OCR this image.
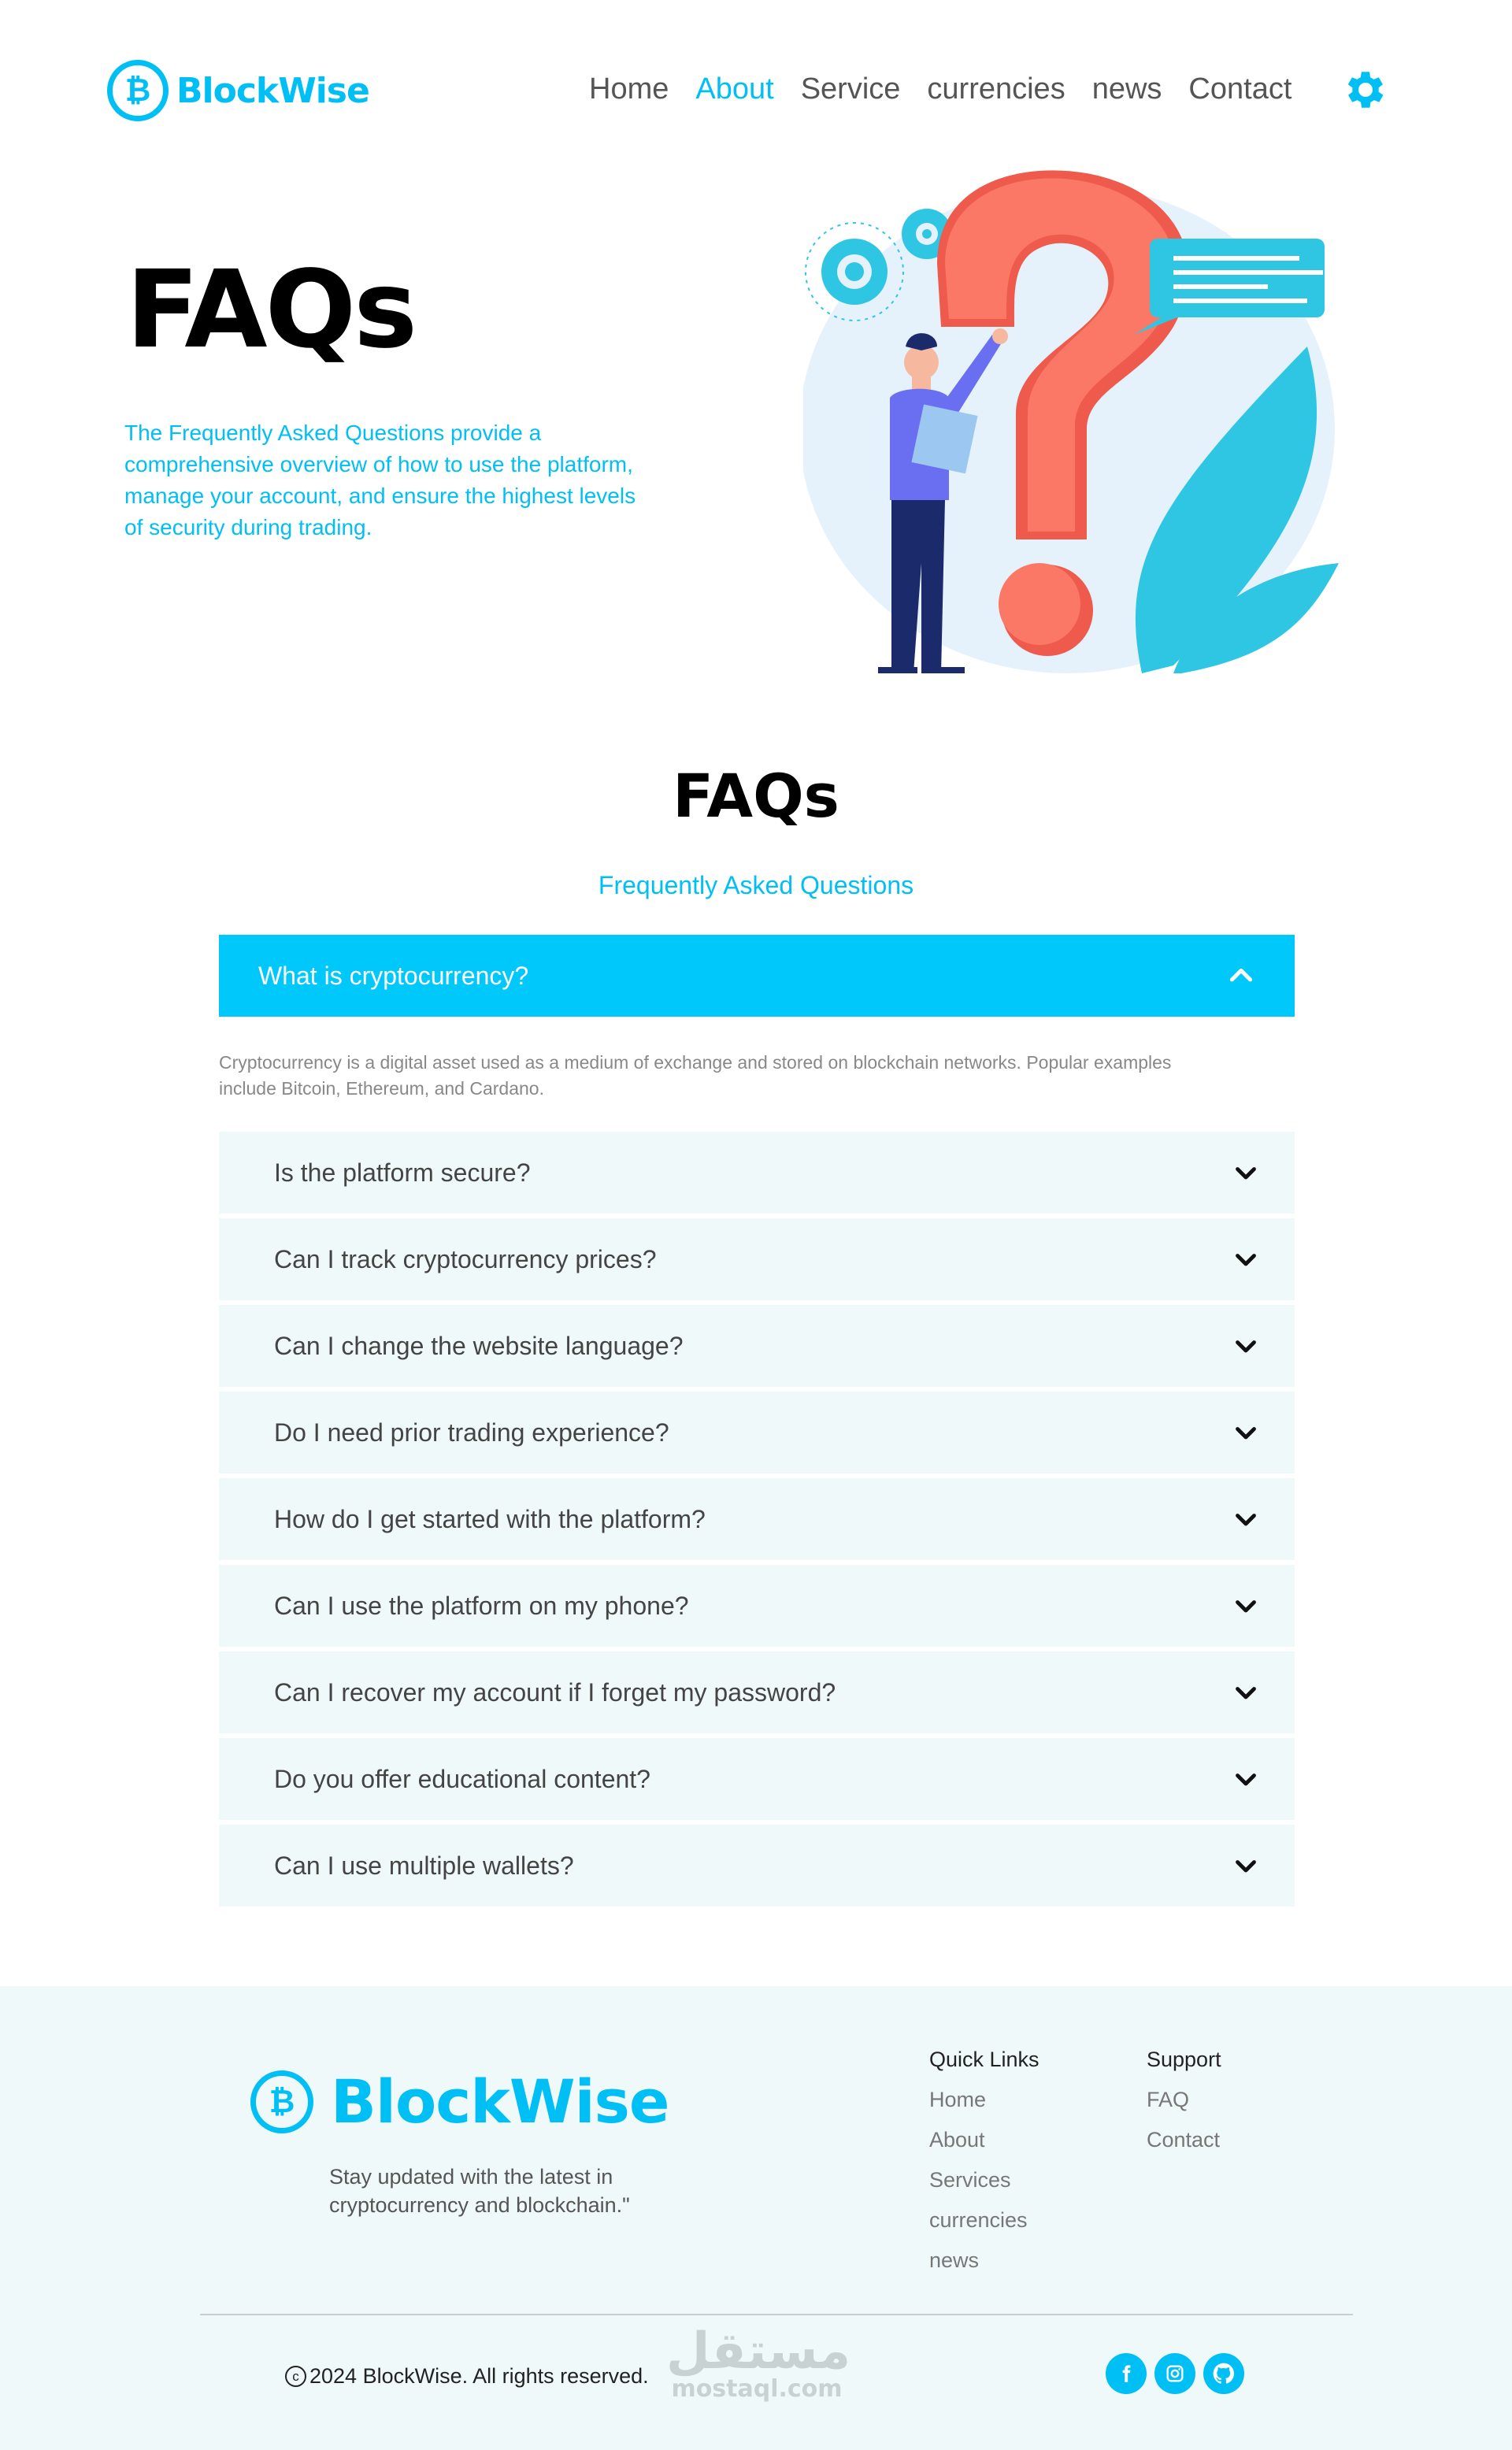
₿ BlockWise	Home About Service currencies news Contact
FAQs

The Frequently Asked Questions provide a comprehensive overview of how to use the platform, manage your account, and ensure the highest levels of security during trading.

FAQs

Frequently Asked Questions

What is cryptocurrency?

Cryptocurrency is a digital asset used as a medium of exchange and stored on blockchain networks. Popular examples include Bitcoin, Ethereum, and Cardano.

Is the platform secure?
Can I track cryptocurrency prices?
Can I change the website language?
Do I need prior trading experience?
How do I get started with the platform?
Can I use the platform on my phone?
Can I recover my account if I forget my password?
Do you offer educational content?
Can I use multiple wallets?
₿ BlockWise

Stay updated with the latest in cryptocurrency and blockchain."

Quick Links
Home
About
Services
currencies
news
Support
FAQ
Contact
c 2024 BlockWise. All rights reserved. مستقل
mostaql.com
